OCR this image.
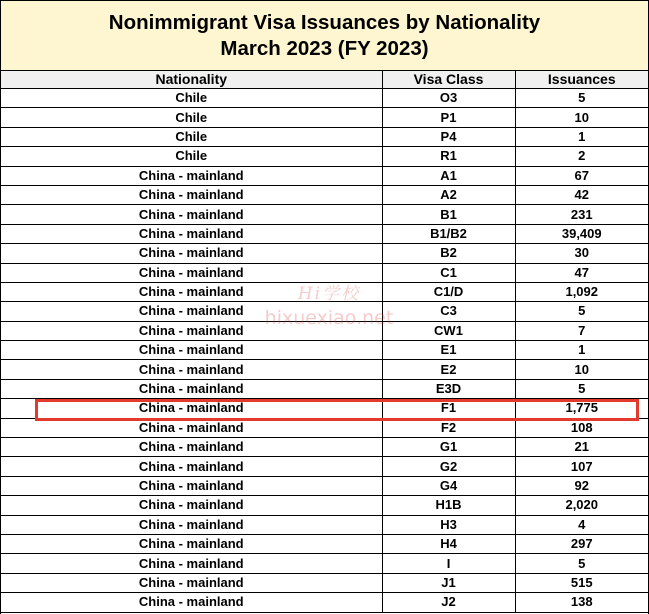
Nonimmigrant Visa Issuances by Nationality
March 2023 (FY 2023)
Nationality	Visa Class	Issuances
Chile	O3	5
Chile	P1	10
Chile	P4	1
Chile	R1	2
China - mainland	A1	67
China - mainland	A2	42
China - mainland	B1	231
China - mainland	B1/B2	39,409
China - mainland	B2	30
China - mainland	C1	47
China - mainland	C1/D	1,092
China - mainland	C3	5
China - mainland	CW1	7
China - mainland	E1	1
China - mainland	E2	10
China - mainland	E3D	5
China - mainland	F1	1,775
China - mainland	F2	108
China - mainland	G1	21
China - mainland	G2	107
China - mainland	G4	92
China - mainland	H1B	2,020
China - mainland	H3	4
China - mainland	H4	297
China - mainland	I	5
China - mainland	J1	515
China - mainland	J2	138
Hi学校
hixuexiao.net
